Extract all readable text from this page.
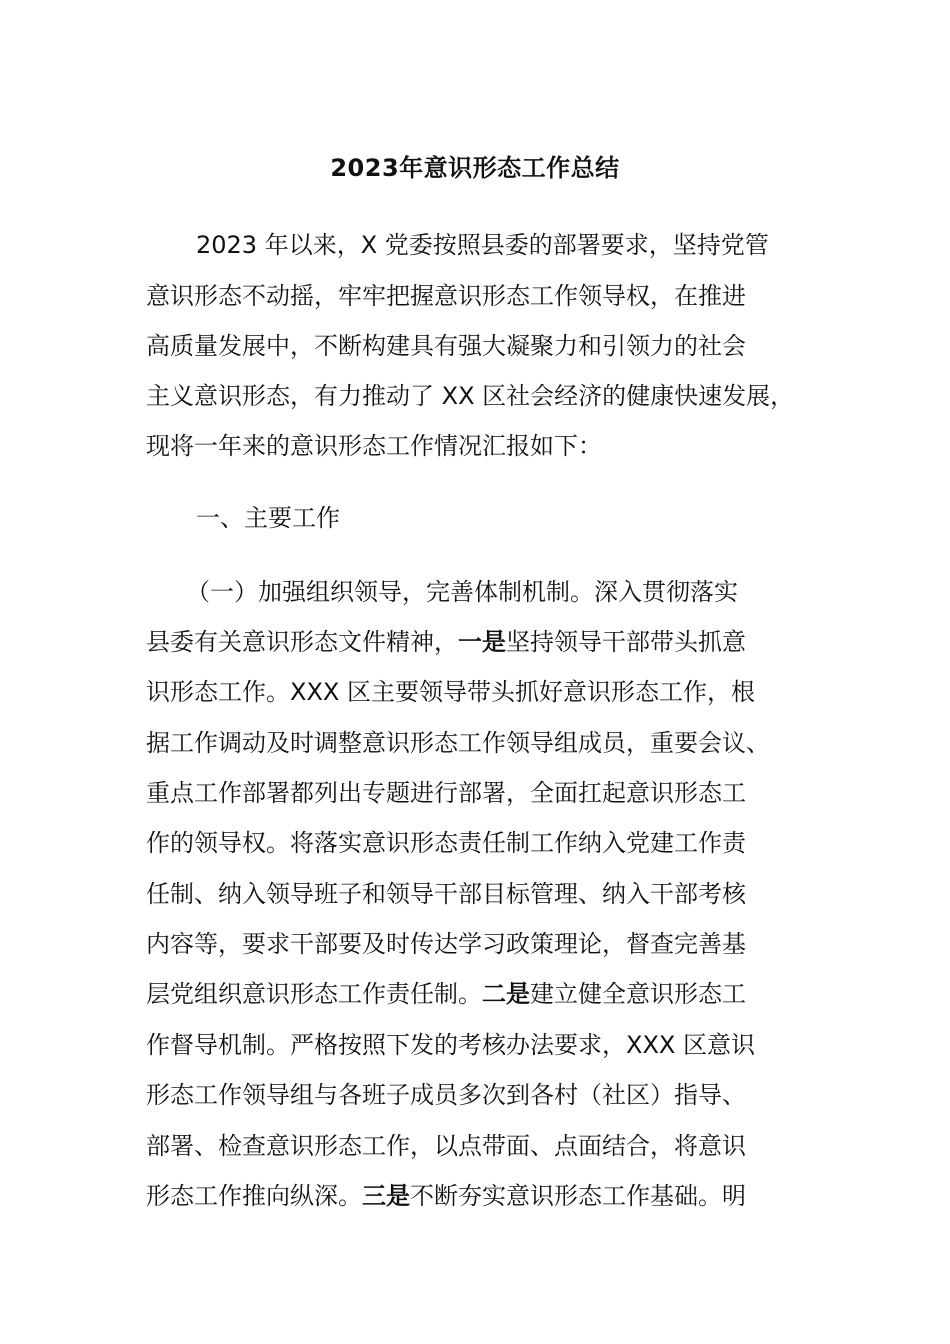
2023年意识形态工作总结
2023 年以来，X 党委按照县委的部署要求，坚持党管
意识形态不动摇，牢牢把握意识形态工作领导权，在推进
高质量发展中，不断构建具有强大凝聚力和引领力的社会
主义意识形态，有力推动了 XX 区社会经济的健康快速发展，
现将一年来的意识形态工作情况汇报如下：
一、主要工作
（一）加强组织领导，完善体制机制。深入贯彻落实
县委有关意识形态文件精神，一是坚持领导干部带头抓意
识形态工作。XXX 区主要领导带头抓好意识形态工作，根
据工作调动及时调整意识形态工作领导组成员，重要会议、
重点工作部署都列出专题进行部署，全面扛起意识形态工
作的领导权。将落实意识形态责任制工作纳入党建工作责
任制、纳入领导班子和领导干部目标管理、纳入干部考核
内容等，要求干部要及时传达学习政策理论，督查完善基
层党组织意识形态工作责任制。二是建立健全意识形态工
作督导机制。严格按照下发的考核办法要求，XXX 区意识
形态工作领导组与各班子成员多次到各村（社区）指导、
部署、检查意识形态工作，以点带面、点面结合，将意识
形态工作推向纵深。三是不断夯实意识形态工作基础。明
